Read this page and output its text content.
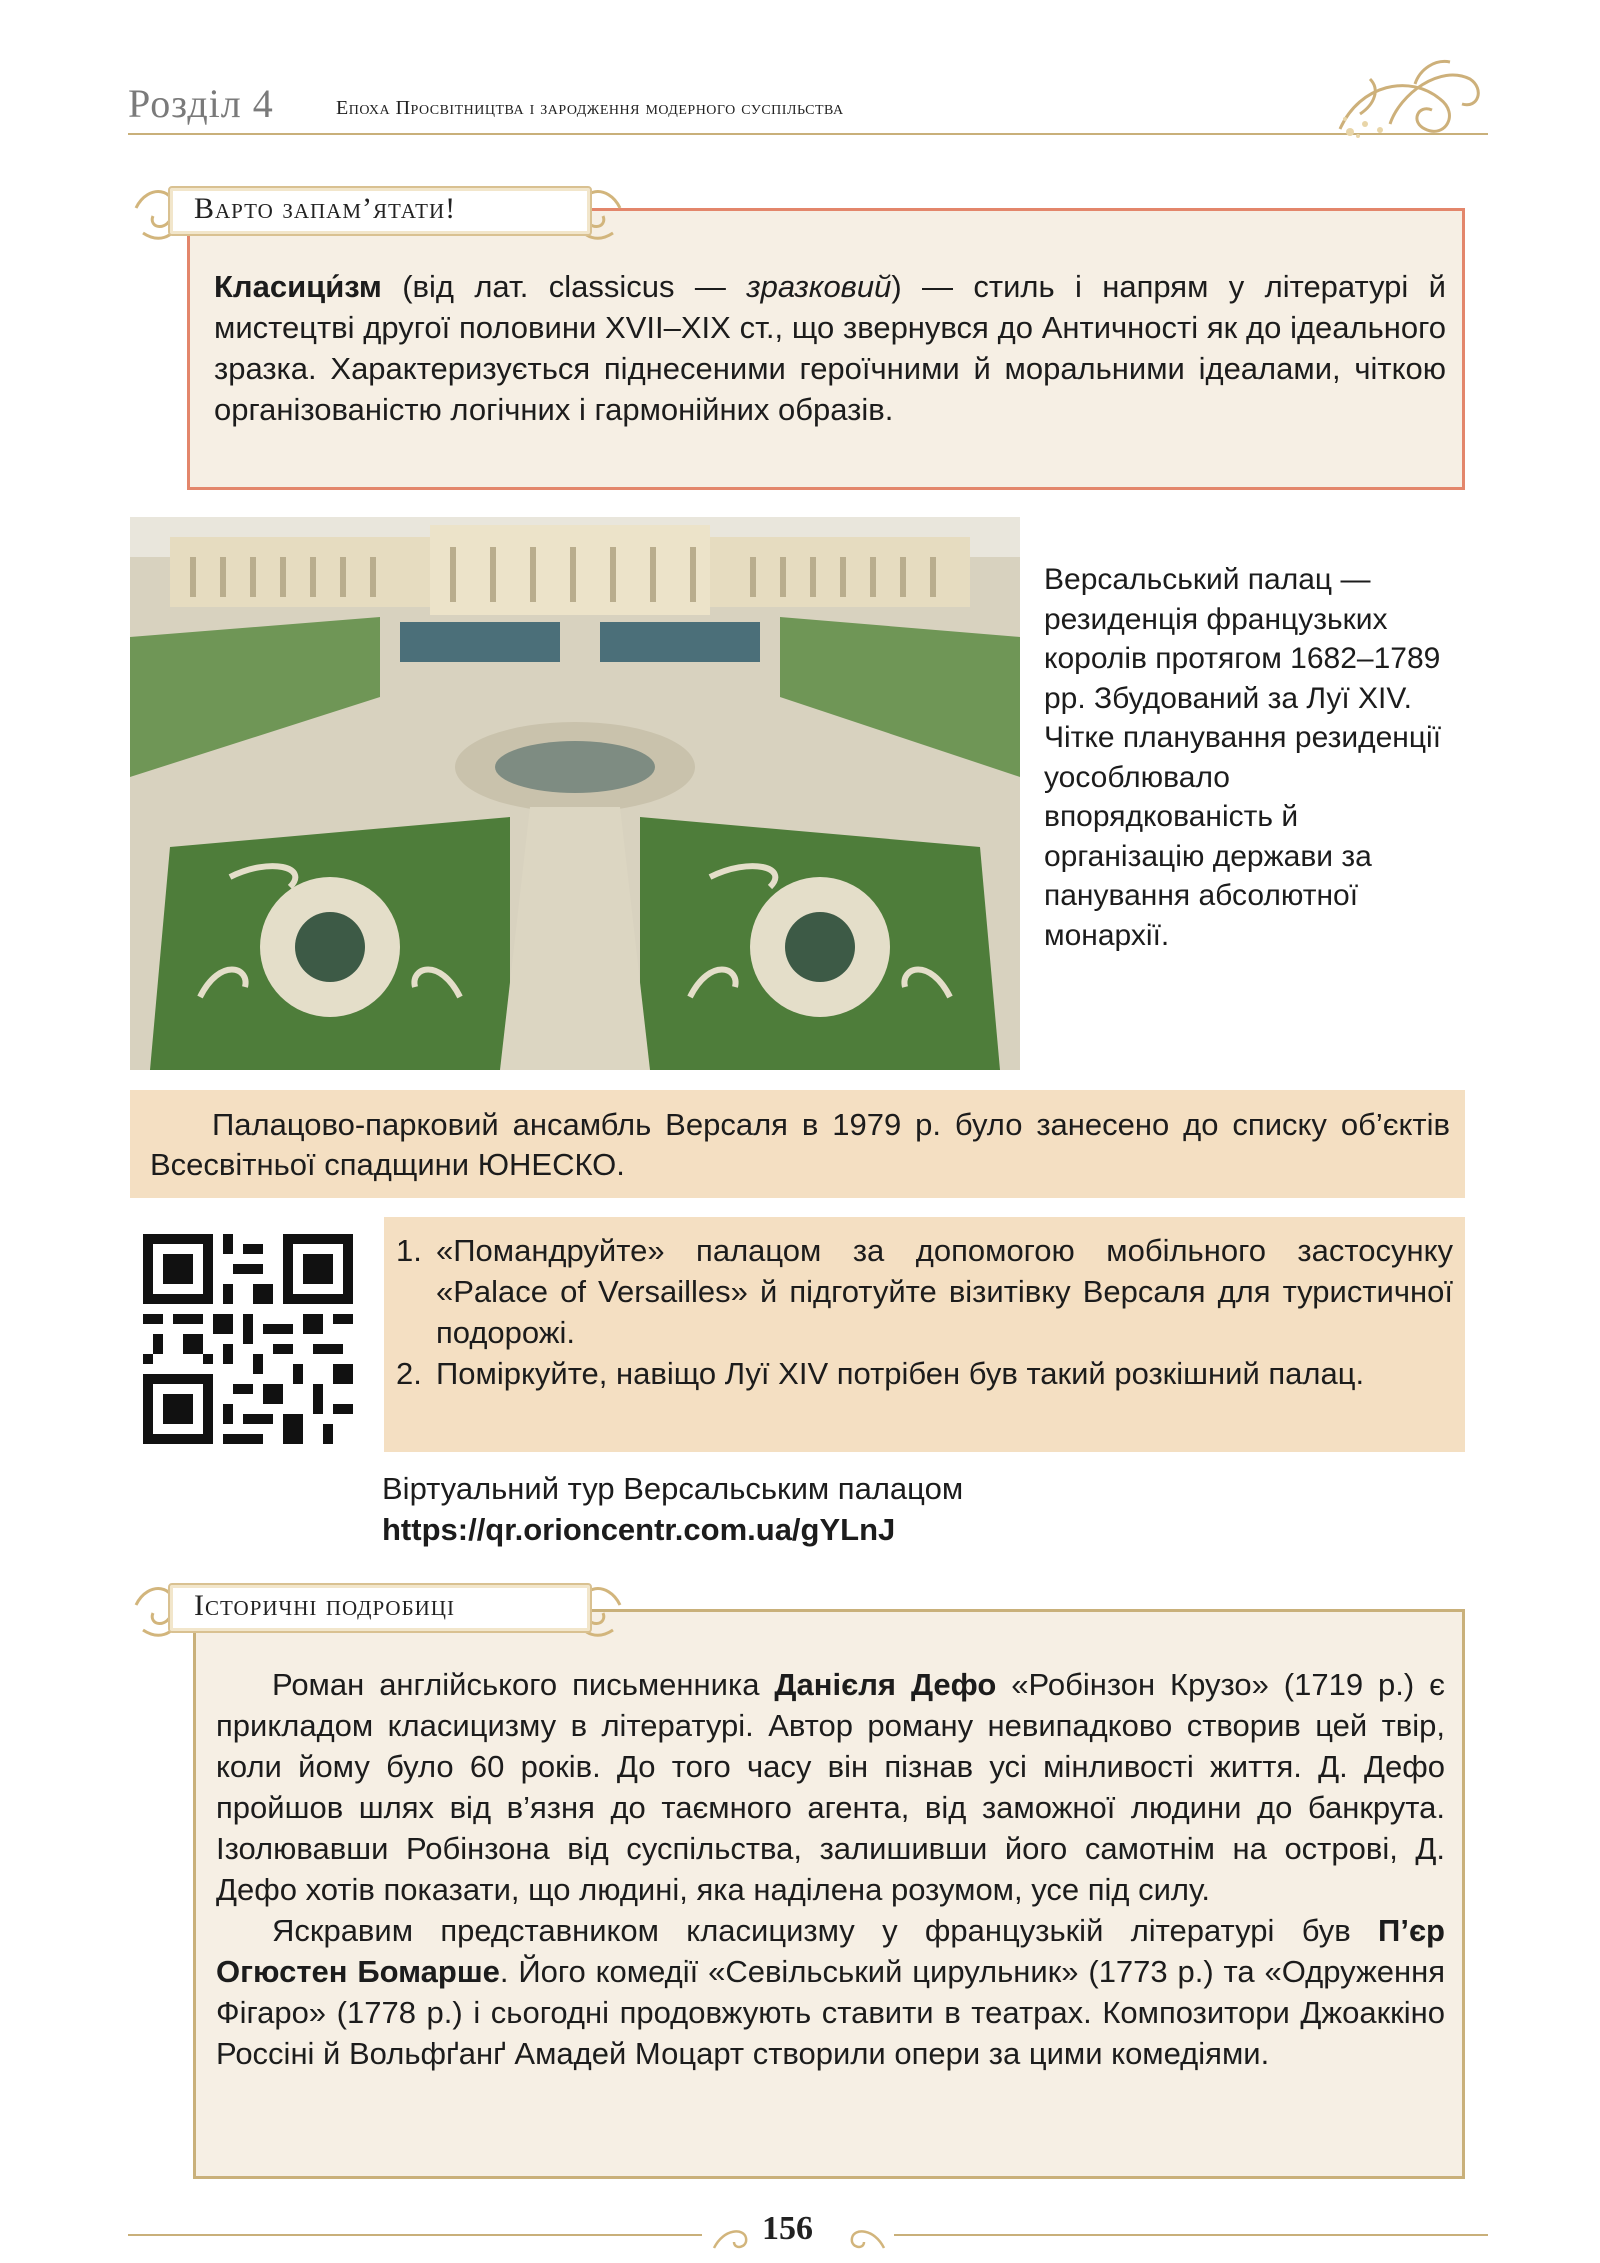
Розділ 4	Епоха Просвітництва і зародження модерного суспільства
Варто запам’ятати!
Класици́зм (від лат. classicus — зразковий) — стиль і напрям у літературі й мистецтві другої половини XVII–XIX ст., що звернувся до Античності як до ідеального зразка. Характеризується піднесеними героїчними й моральними ідеалами, чіткою організованістю логічних і гармонійних образів.
Версальський палац — резиденція французьких королів протягом 1682–1789 рр. Збудований за Луї XIV. Чітке планування резиденції уособлювало впорядкованість й організацію держави за панування абсолютної монархії.
Палацово-парковий ансамбль Версаля в 1979 р. було занесено до списку об’єктів Всесвітньої спадщини ЮНЕСКО.
1. «Помандруйте» палацом за допомогою мобільного застосунку «Palace of Versailles» й підготуйте візитівку Версаля для туристичної подорожі.
2. Поміркуйте, навіщо Луї XIV потрібен був такий розкішний палац.
Віртуальний тур Версальським палацом
https://qr.orioncentr.com.ua/gYLnJ
Історичні подробиці

Роман англійського письменника Данієля Дефо «Робінзон Крузо» (1719 р.) є прикладом класицизму в літературі. Автор роману невипадково створив цей твір, коли йому було 60 років. До того часу він пізнав усі мінливості життя. Д. Дефо пройшов шлях від в’язня до таємного агента, від заможної людини до банкрута. Ізолювавши Робінзона від суспільства, залишивши його самотнім на острові, Д. Дефо хотів показати, що людині, яка наділена розумом, усе під силу.

Яскравим представником класицизму у французькій літературі був П’єр Огюстен Бомарше. Його комедії «Севільський цирульник» (1773 р.) та «Одруження Фігаро» (1778 р.) і сьогодні продовжують ставити в театрах. Композитори Джоаккіно Россіні й Вольфґанґ Амадей Моцарт створили опери за цими комедіями.

156
